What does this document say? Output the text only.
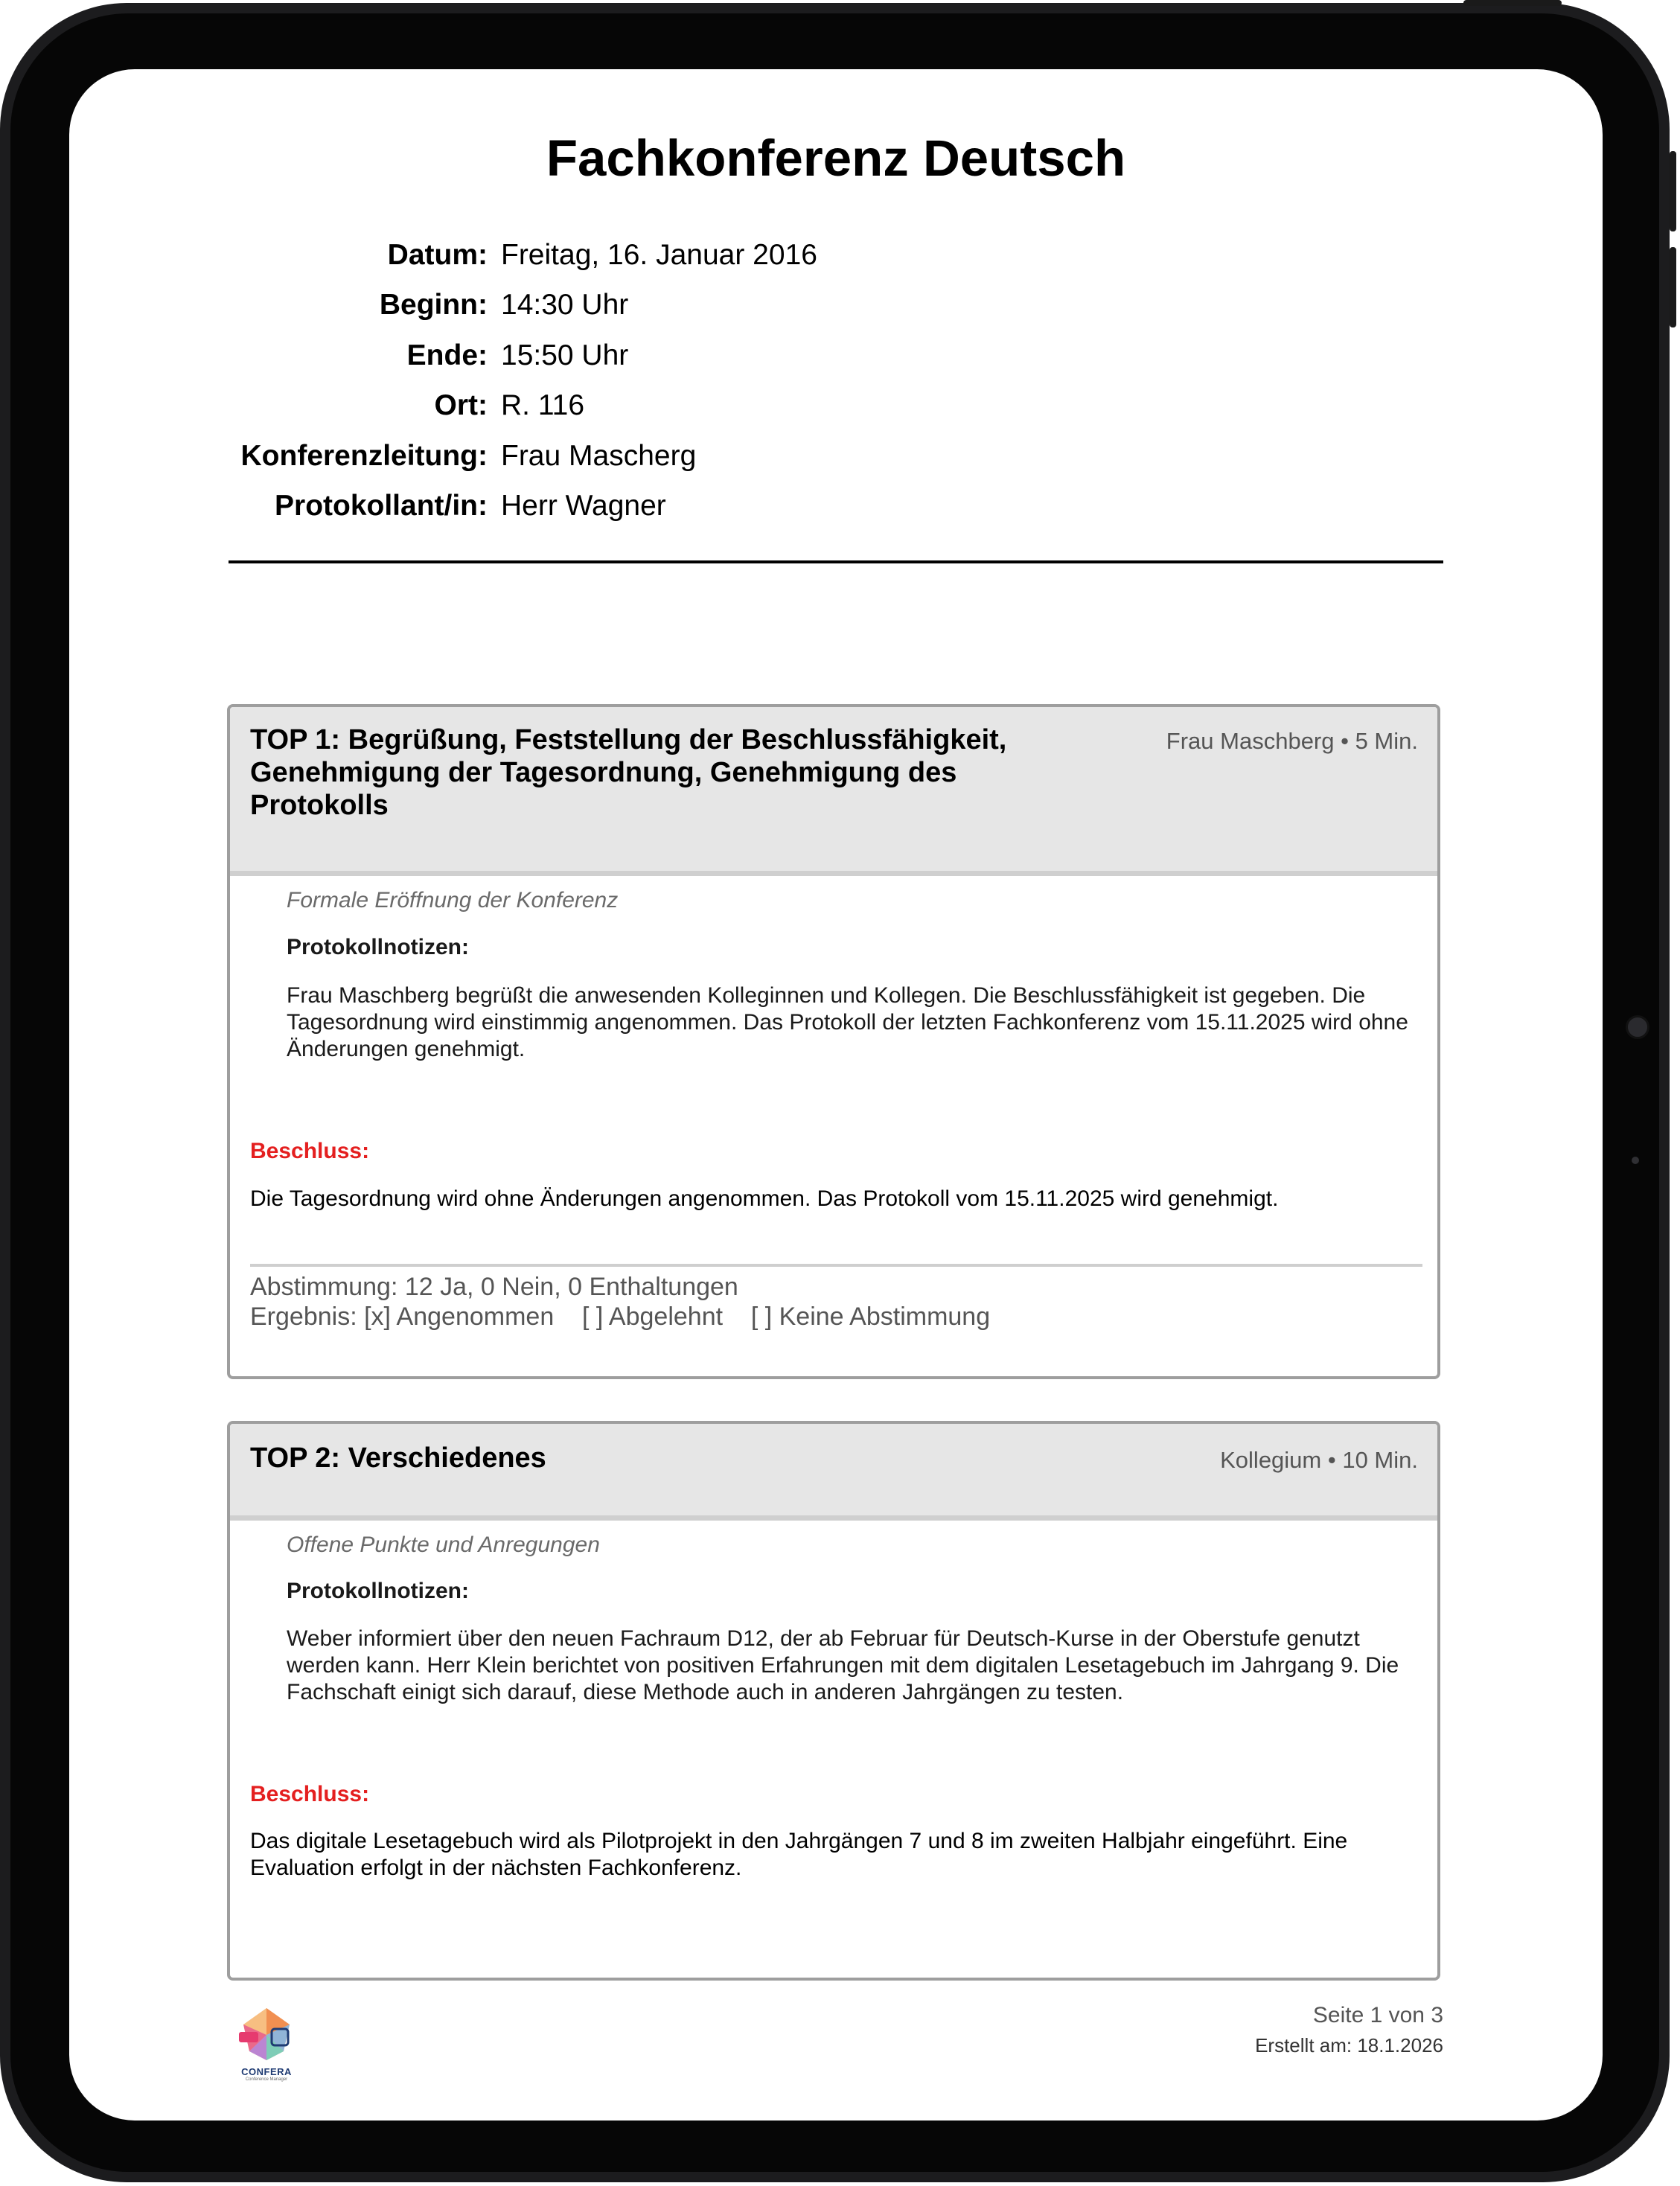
Fachkonferenz Deutsch
Datum: Freitag, 16. Januar 2016
Beginn: 14:30 Uhr
Ende: 15:50 Uhr
Ort: R. 116
Konferenzleitung: Frau Mascherg
Protokollant/in: Herr Wagner
TOP 1: Begrüßung, Feststellung der Beschlussfähigkeit, Genehmigung der Tagesordnung, Genehmigung des Protokolls
Frau Maschberg • 5 Min.
Formale Eröffnung der Konferenz
Protokollnotizen:
Frau Maschberg begrüßt die anwesenden Kolleginnen und Kollegen. Die Beschlussfähigkeit ist gegeben. Die Tagesordnung wird einstimmig angenommen. Das Protokoll der letzten Fachkonferenz vom 15.11.2025 wird ohne Änderungen genehmigt.
Beschluss:
Die Tagesordnung wird ohne Änderungen angenommen. Das Protokoll vom 15.11.2025 wird genehmigt.
Abstimmung: 12 Ja, 0 Nein, 0 Enthaltungen
Ergebnis: [x] Angenommen    [ ] Abgelehnt    [ ] Keine Abstimmung
TOP 2: Verschiedenes	Kollegium • 10 Min.
Offene Punkte und Anregungen
Protokollnotizen:
Weber informiert über den neuen Fachraum D12, der ab Februar für Deutsch-Kurse in der Oberstufe genutzt werden kann. Herr Klein berichtet von positiven Erfahrungen mit dem digitalen Lesetagebuch im Jahrgang 9. Die Fachschaft einigt sich darauf, diese Methode auch in anderen Jahrgängen zu testen.
Beschluss:
Das digitale Lesetagebuch wird als Pilotprojekt in den Jahrgängen 7 und 8 im zweiten Halbjahr eingeführt. Eine Evaluation erfolgt in der nächsten Fachkonferenz.
CONFERA
Conference Manager
Seite 1 von 3
Erstellt am: 18.1.2026
